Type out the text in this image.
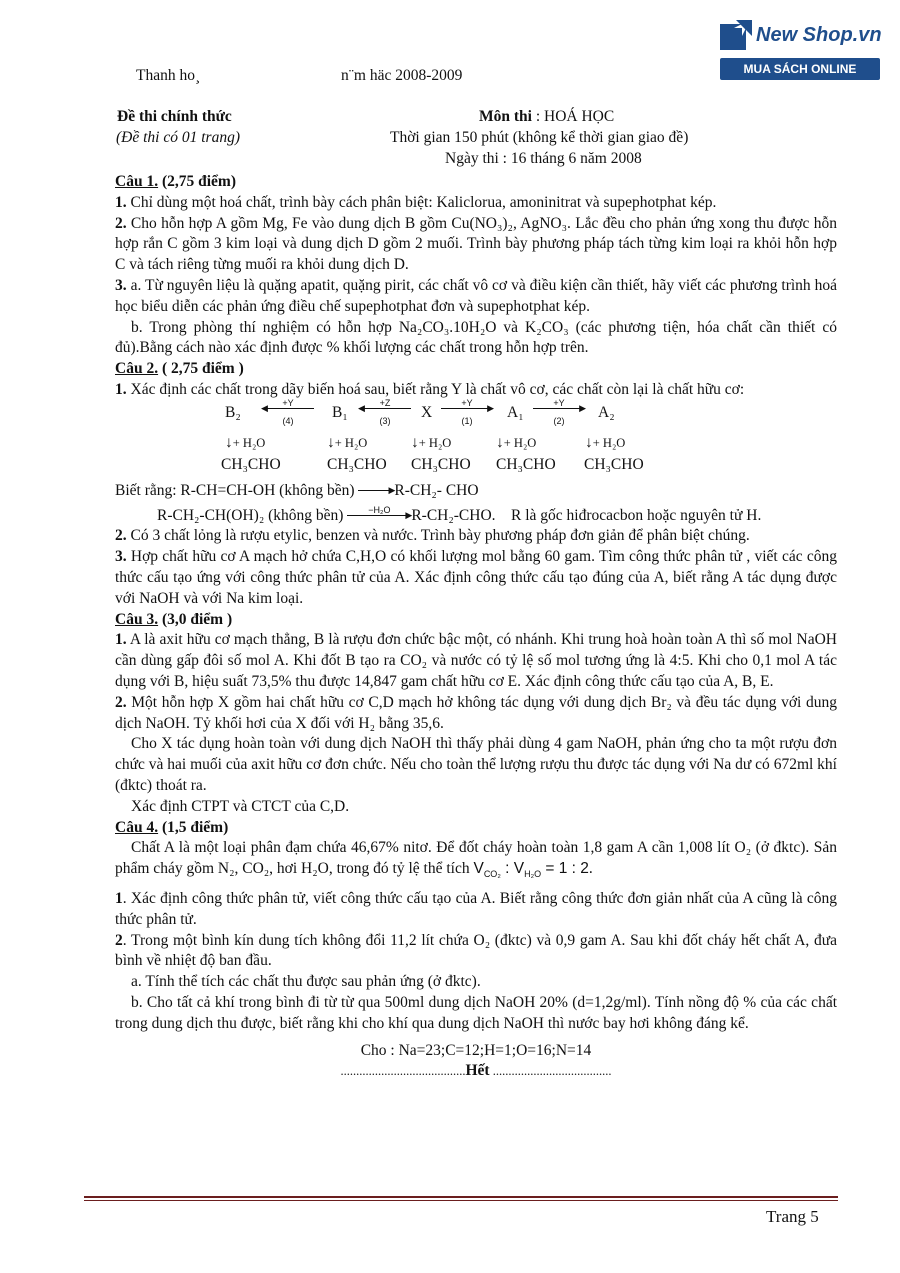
New Shop.vn
MUA SÁCH ONLINE
Thanh ho¸	n¨m häc 2008-2009
Đề thi chính thức
(Đề thi có 01 trang)
Môn thi : HOÁ HỌC
Thời gian 150 phút (không kể thời gian giao đề)
Ngày thi : 16 tháng 6 năm 2008

Câu 1. (2,75 điểm)

1. Chỉ dùng một hoá chất, trình bày cách phân biệt: Kaliclorua, amoninitrat và supephotphat kép.

2. Cho hỗn hợp A gồm Mg, Fe vào dung dịch B gồm Cu(NO₃)₂, AgNO₃. Lắc đều cho phản ứng xong thu được hỗn hợp rắn C gồm 3 kim loại và dung dịch D gồm 2 muối. Trình bày phương pháp tách từng kim loại ra khỏi hỗn hợp C và tách riêng từng muối ra khỏi dung dịch D.

3. a. Từ nguyên liệu là quặng apatit, quặng pirit, các chất vô cơ và điều kiện cần thiết, hãy viết các phương trình hoá học biểu diễn các phản ứng điều chế supephotphat đơn và supephotphat kép.

b. Trong phòng thí nghiệm có hỗn hợp Na₂CO₃.10H₂O và K₂CO₃ (các phương tiện, hóa chất cần thiết có đủ).Bằng cách nào xác định được % khối lượng các chất trong hỗn hợp trên.

Câu 2. ( 2,75 điểm )

1. Xác định các chất trong dãy biến hoá sau, biết rằng Y là chất vô cơ, các chất còn lại là chất hữu cơ:

B₂
+Y
◀
(4)	B₁
+Z
◀
(3)	X
+Y	▶
(1)	A₁
+Y	▶
(2)	A₂
↓ + H₂O	↓ + H₂O	↓ + H₂O	↓ + H₂O	↓ + H₂O
CH₃CHO	CH₃CHO CH₃CHO CH₃CHO CH₃CHO

Biết rằng: R-CH=CH-OH (không bền)	▶ R-CH₂- CHO

R-CH₂-CH(OH)₂ (không bền)	−H₂O	▶ R-CH₂-CHO. R là gốc hiđrocacbon hoặc nguyên tử H.

2. Có 3 chất lỏng là rượu etylic, benzen và nước. Trình bày phương pháp đơn giản để phân biệt chúng.

3. Hợp chất hữu cơ A mạch hở chứa C,H,O có khối lượng mol bằng 60 gam. Tìm công thức phân tử , viết các công thức cấu tạo ứng với công thức phân tử của A. Xác định công thức cấu tạo đúng của A, biết rằng A tác dụng được với NaOH và với Na kim loại.

Câu 3. (3,0 điểm )

1. A là axit hữu cơ mạch thẳng, B là rượu đơn chức bậc một, có nhánh. Khi trung hoà hoàn toàn A thì số mol NaOH cần dùng gấp đôi số mol A. Khi đốt B tạo ra CO₂ và nước có tỷ lệ số mol tương ứng là 4:5. Khi cho 0,1 mol A tác dụng với B, hiệu suất 73,5% thu được 14,847 gam chất hữu cơ E. Xác định công thức cấu tạo của A, B, E.

2. Một hỗn hợp X gồm hai chất hữu cơ C,D mạch hở không tác dụng với dung dịch Br₂ và đều tác dụng với dung dịch NaOH. Tỷ khối hơi của X đối với H₂ bằng 35,6.

Cho X tác dụng hoàn toàn với dung dịch NaOH thì thấy phải dùng 4 gam NaOH, phản ứng cho ta một rượu đơn chức và hai muối của axit hữu cơ đơn chức. Nếu cho toàn thể lượng rượu thu được tác dụng với Na dư có 672ml khí (đktc) thoát ra.

Xác định CTPT và CTCT của C,D.

Câu 4. (1,5 điểm)

Chất A là một loại phân đạm chứa 46,67% nitơ. Để đốt cháy hoàn toàn 1,8 gam A cần 1,008 lít O₂ (ở đktc). Sản phẩm cháy gồm N₂, CO₂, hơi H₂O, trong đó tỷ lệ thể tích $V_{CO_2}$ : $V_{H_2O} = 1$ : 2.

1. Xác định công thức phân tử, viết công thức cấu tạo của A. Biết rằng công thức đơn giản nhất của A cũng là công thức phân tử.

2. Trong một bình kín dung tích không đổi 11,2 lít chứa O₂ (đktc) và 0,9 gam A. Sau khi đốt cháy hết chất A, đưa bình về nhiệt độ ban đầu.

a. Tính thể tích các chất thu được sau phản ứng (ở đktc).

b. Cho tất cả khí trong bình đi từ từ qua 500ml dung dịch NaOH 20% (d=1,2g/ml). Tính nồng độ % của các chất trong dung dịch thu được, biết rằng khi cho khí qua dung dịch NaOH thì nước bay hơi không đáng kể.

Cho : Na=23;C=12;H=1;O=16;N=14

........................................Hết ......................................

Trang 5
